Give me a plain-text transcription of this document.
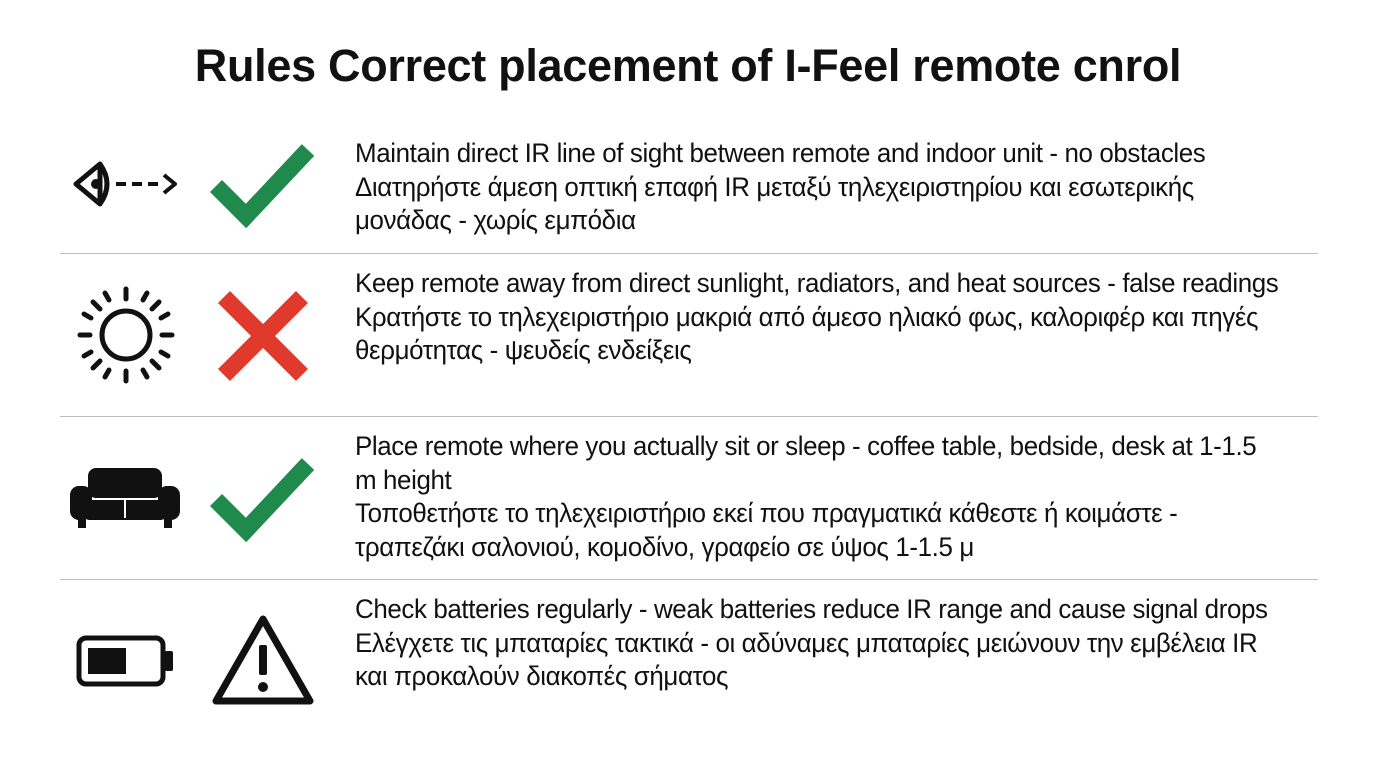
Rules Correct placement of I-Feel remote cnrol
Maintain direct IR line of sight between remote and indoor unit - no obstacles
Διατηρήστε άμεση οπτική επαφή IR μεταξύ τηλεχειριστηρίου και εσωτερικής μονάδας - χωρίς εμπόδια
Keep remote away from direct sunlight, radiators, and heat sources - false readings
Κρατήστε το τηλεχειριστήριο μακριά από άμεσο ηλιακό φως, καλοριφέρ και πηγές θερμότητας - ψευδείς ενδείξεις
Place remote where you actually sit or sleep - coffee table, bedside, desk at 1-1.5 m height
Τοποθετήστε το τηλεχειριστήριο εκεί που πραγματικά κάθεστε ή κοιμάστε - τραπεζάκι σαλονιού, κομοδίνο, γραφείο σε ύψος 1-1.5 μ
Check batteries regularly - weak batteries reduce IR range and cause signal drops
Ελέγχετε τις μπαταρίες τακτικά - οι αδύναμες μπαταρίες μειώνουν την εμβέλεια IR και προκαλούν διακοπές σήματος
